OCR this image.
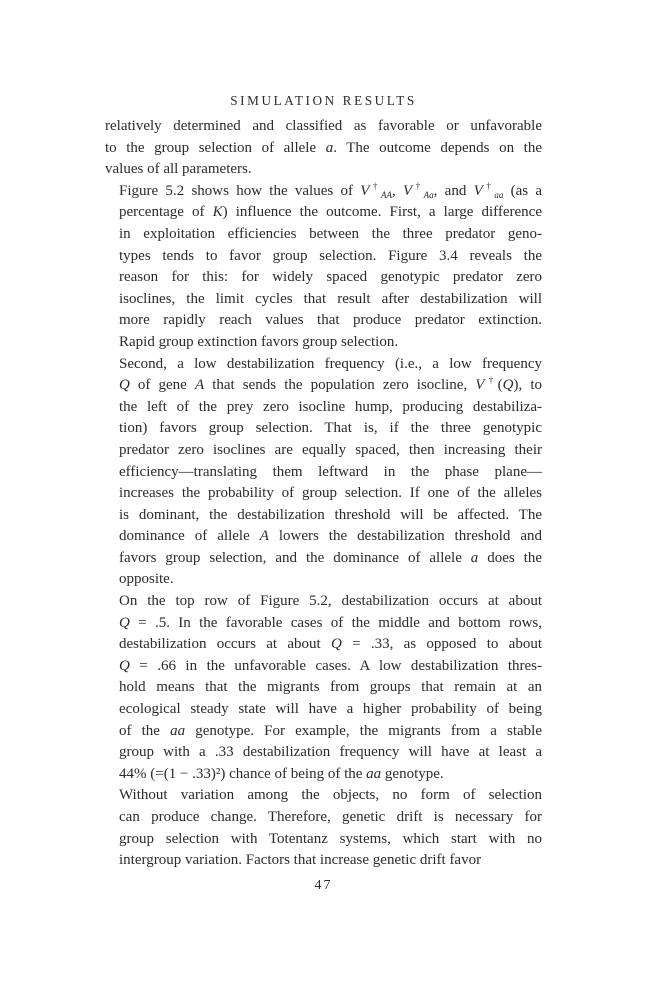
SIMULATION RESULTS

relatively determined and classified as favorable or unfavorable
to the group selection of allele a. The outcome depends on the
values of all parameters.

Figure 5.2 shows how the values of $V^\dagger_{AA}$, $V^\dagger_{Aa}$, and $V^\dagger_{aa}$ (as a
percentage of K) influence the outcome. First, a large difference
in exploitation efficiencies between the three predator geno-
types tends to favor group selection. Figure 3.4 reveals the
reason for this: for widely spaced genotypic predator zero
isoclines, the limit cycles that result after destabilization will
more rapidly reach values that produce predator extinction.
Rapid group extinction favors group selection.

Second, a low destabilization frequency (i.e., a low frequency
Q of gene A that sends the population zero isocline, V†(Q), to
the left of the prey zero isocline hump, producing destabiliza-
tion) favors group selection. That is, if the three genotypic
predator zero isoclines are equally spaced, then increasing their
efficiency—translating them leftward in the phase plane—
increases the probability of group selection. If one of the alleles
is dominant, the destabilization threshold will be affected. The
dominance of allele A lowers the destabilization threshold and
favors group selection, and the dominance of allele a does the
opposite.

On the top row of Figure 5.2, destabilization occurs at about
Q = .5. In the favorable cases of the middle and bottom rows,
destabilization occurs at about Q = .33, as opposed to about
Q = .66 in the unfavorable cases. A low destabilization thres-
hold means that the migrants from groups that remain at an
ecological steady state will have a higher probability of being
of the aa genotype. For example, the migrants from a stable
group with a .33 destabilization frequency will have at least a
44% (=(1 − .33)²) chance of being of the aa genotype.

Without variation among the objects, no form of selection
can produce change. Therefore, genetic drift is necessary for
group selection with Totentanz systems, which start with no
intergroup variation. Factors that increase genetic drift favor

47
